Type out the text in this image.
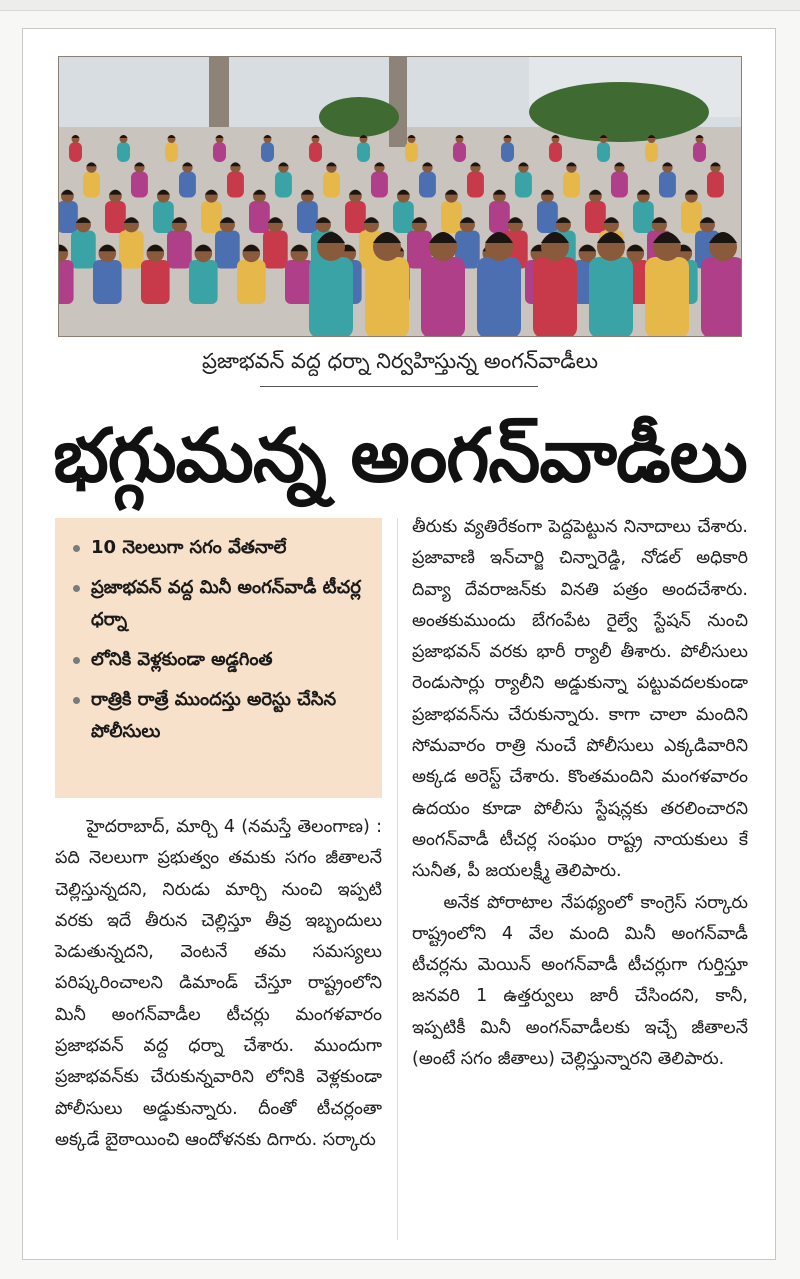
ప్రజాభవన్ వద్ద ధర్నా నిర్వహిస్తున్న అంగన్‌వాడీలు
భగ్గుమన్న అంగన్‌వాడీలు
10 నెలలుగా సగం వేతనాలే
ప్రజాభవన్ వద్ద మినీ అంగన్‌వాడీ టీచర్ల ధర్నా
లోనికి వెళ్లకుండా అడ్డగింత
రాత్రికి రాత్రే ముందస్తు అరెస్టు చేసిన పోలీసులు

హైదరాబాద్, మార్చి 4 (నమస్తే తెలంగాణ) : పది నెలలుగా ప్రభుత్వం తమకు సగం జీతాలనే చెల్లిస్తున్నదని, నిరుడు మార్చి నుంచి ఇప్పటి వరకు ఇదే తీరున చెల్లిస్తూ తీవ్ర ఇబ్బందులు పెడుతున్నదని, వెంటనే తమ సమస్యలు పరిష్కరించాలని డిమాండ్ చేస్తూ రాష్ట్రంలోని మినీ అంగన్‌వాడీల టీచర్లు మంగళవారం ప్రజాభవన్ వద్ద ధర్నా చేశారు. ముందుగా ప్రజాభవన్‌కు చేరుకున్నవారిని లోనికి వెళ్లకుండా పోలీసులు అడ్డుకున్నారు. దీంతో టీచర్లంతా అక్కడే బైఠాయించి ఆందోళనకు దిగారు. సర్కారు

తీరుకు వ్యతిరేకంగా పెద్దపెట్టున నినాదాలు చేశారు. ప్రజావాణి ఇన్‌చార్జి చిన్నారెడ్డి, నోడల్ అధికారి దివ్యా దేవరాజన్‌కు వినతి పత్రం అందచేశారు. అంతకుముందు బేగంపేట రైల్వే స్టేషన్ నుంచి ప్రజాభవన్ వరకు భారీ ర్యాలీ తీశారు. పోలీసులు రెండుసార్లు ర్యాలీని అడ్డుకున్నా పట్టువదలకుండా ప్రజాభవన్‌ను చేరుకున్నారు. కాగా చాలా మందిని సోమవారం రాత్రి నుంచే పోలీసులు ఎక్కడివారిని అక్కడ అరెస్ట్ చేశారు. కొంతమందిని మంగళవారం ఉదయం కూడా పోలీసు స్టేషన్లకు తరలించారని అంగన్‌వాడీ టీచర్ల సంఘం రాష్ట్ర నాయకులు కే సునీత, పీ జయలక్ష్మీ తెలిపారు.

అనేక పోరాటాల నేపథ్యంలో కాంగ్రెస్ సర్కారు రాష్ట్రంలోని 4 వేల మంది మినీ అంగన్‌వాడీ టీచర్లను మెయిన్ అంగన్‌వాడీ టీచర్లుగా గుర్తిస్తూ జనవరి 1 ఉత్తర్వులు జారీ చేసిందని, కానీ, ఇప్పటికీ మినీ అంగన్‌వాడీలకు ఇచ్చే జీతాలనే (అంటే సగం జీతాలు) చెల్లిస్తున్నారని తెలిపారు.
